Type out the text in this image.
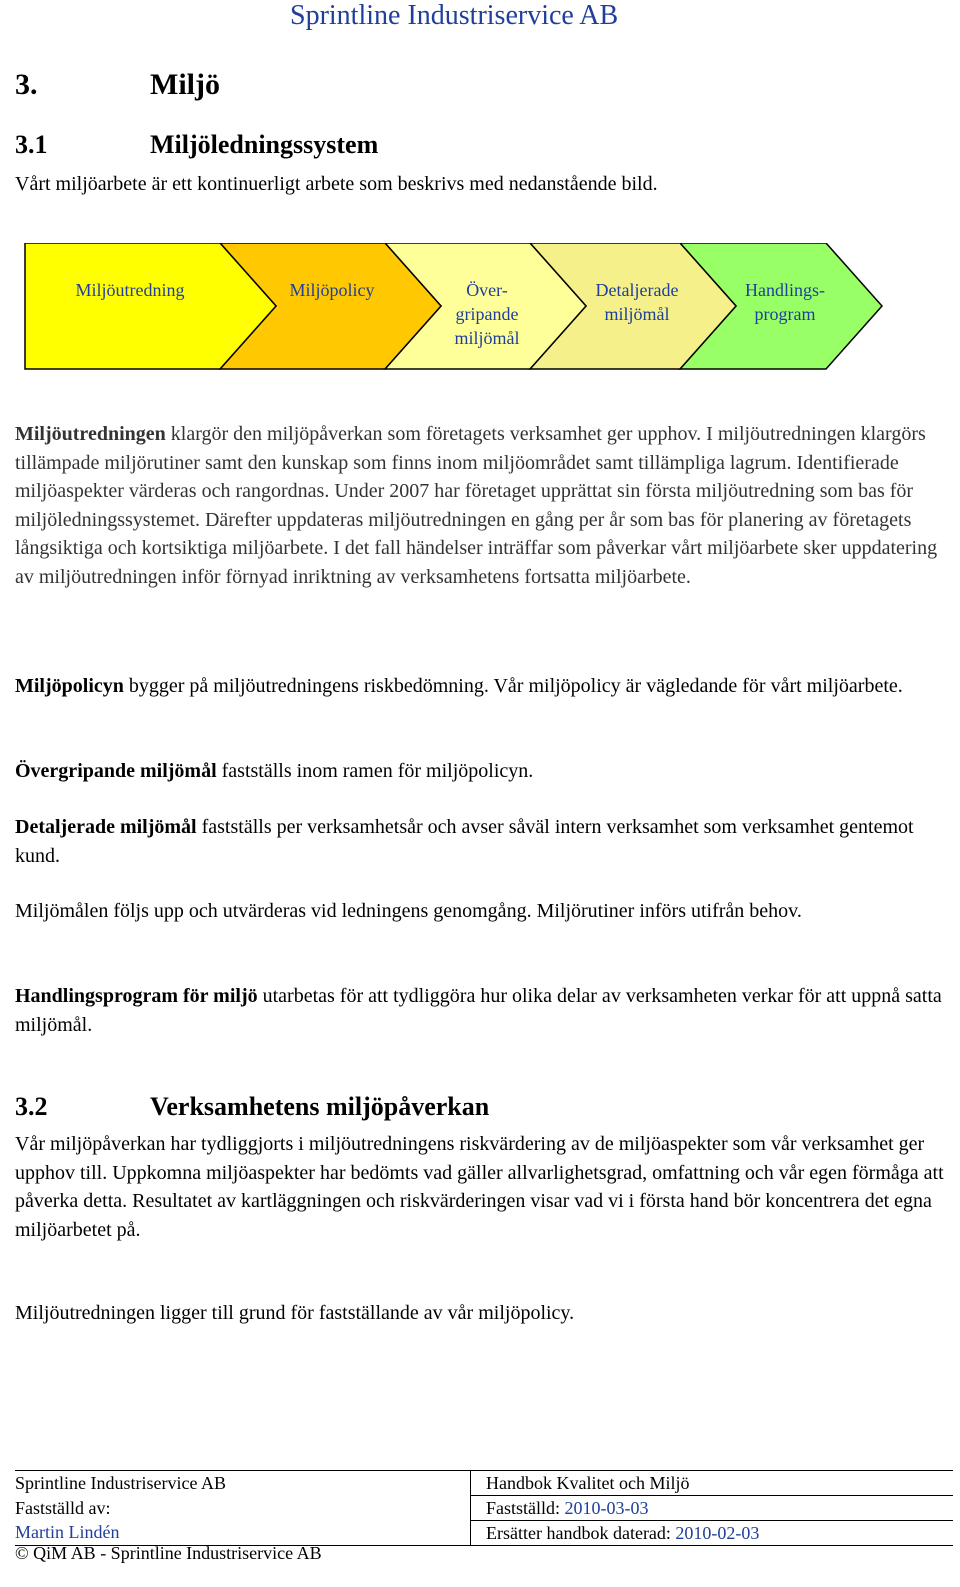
Sprintline Industriservice AB
3.	Miljö
3.1	Miljöledningssystem
Vårt miljöarbete är ett kontinuerligt arbete som beskrivs med nedanstående bild.
Miljöutredning	Miljöpolicy	Över-
gripande
miljömål
Detaljerade
miljömål
Handlings-
program
Miljöutredningen klargör den miljöpåverkan som företagets verksamhet ger upphov. I miljöutredningen klargörs tillämpade miljörutiner samt den kunskap som finns inom miljöområdet samt tillämpliga lagrum. Identifierade miljöaspekter värderas och rangordnas. Under 2007 har företaget upprättat sin första miljöutredning som bas för miljöledningssystemet. Därefter uppdateras miljöutredningen en gång per år som bas för planering av företagets långsiktiga och kortsiktiga miljöarbete. I det fall händelser inträffar som påverkar vårt miljöarbete sker uppdatering av miljöutredningen inför förnyad inriktning av verksamhetens fortsatta miljöarbete.
Miljöpolicyn bygger på miljöutredningens riskbedömning. Vår miljöpolicy är vägledande för vårt miljöarbete.
Övergripande miljömål fastställs inom ramen för miljöpolicyn.
Detaljerade miljömål fastställs per verksamhetsår och avser såväl intern verksamhet som verksamhet gentemot kund.
Miljömålen följs upp och utvärderas vid ledningens genomgång. Miljörutiner införs utifrån behov.
Handlingsprogram för miljö utarbetas för att tydliggöra hur olika delar av verksamheten verkar för att uppnå satta miljömål.
3.2	Verksamhetens miljöpåverkan
Vår miljöpåverkan har tydliggjorts i miljöutredningens riskvärdering av de miljöaspekter som vår verksamhet ger upphov till. Uppkomna miljöaspekter har bedömts vad gäller allvarlighetsgrad, omfattning och vår egen förmåga att påverka detta. Resultatet av kartläggningen och riskvärderingen visar vad vi i första hand bör koncentrera det egna miljöarbetet på.
Miljöutredningen ligger till grund för fastställande av vår miljöpolicy.
Sprintline Industriservice AB	Handbok Kvalitet och Miljö
Fastställd av:	Fastställd: 2010-03-03
Martin Lindén	Ersätter handbok daterad: 2010-02-03
© QiM AB - Sprintline Industriservice AB
